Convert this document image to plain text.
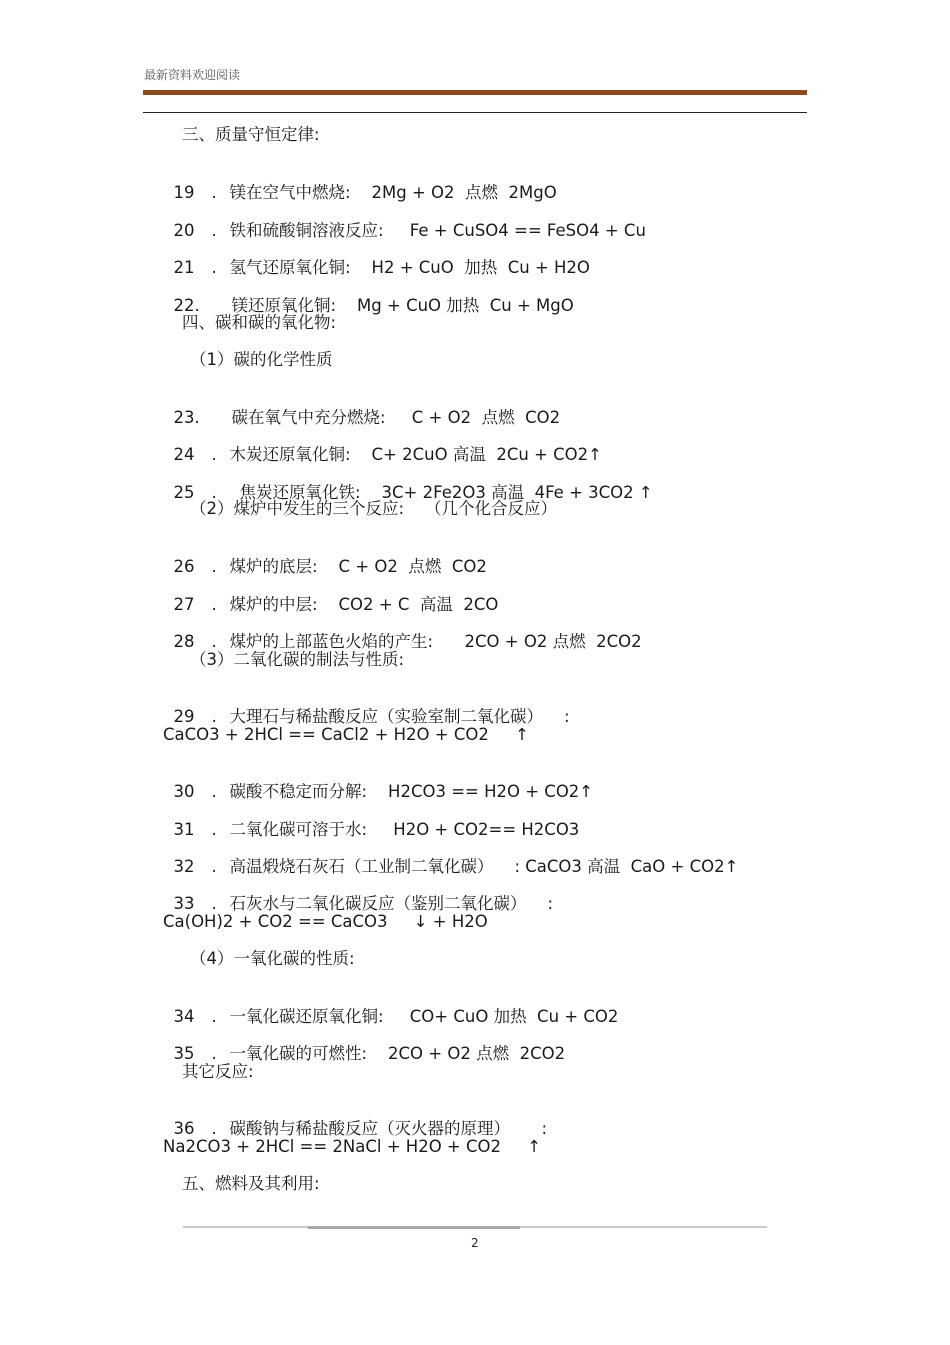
最新资料欢迎阅读
三、质量守恒定律:

19 . 镁在空气中燃烧:    2Mg + O2  点燃  2MgO

20 . 铁和硫酸铜溶液反应:     Fe + CuSO4 == FeSO4 + Cu

21 . 氢气还原氧化铜:    H2 + CuO  加热  Cu + H2O

22. 镁还原氧化铜:    Mg + CuO 加热  Cu + MgO

四、碳和碳的氧化物:
（1）碳的化学性质

23. 碳在氧气中充分燃烧:     C + O2  点燃  CO2

24 . 木炭还原氧化铜:    C+ 2CuO 高温  2Cu + CO2↑

25 . 焦炭还原氧化铁:    3C+ 2Fe2O3 高温  4Fe + 3CO2 ↑

（2）煤炉中发生的三个反应:    （几个化合反应）

26 . 煤炉的底层:    C + O2  点燃  CO2

27 . 煤炉的中层:    CO2 + C  高温  2CO

28 . 煤炉的上部蓝色火焰的产生:      2CO + O2 点燃  2CO2

（3）二氧化碳的制法与性质:

29 . 大理石与稀盐酸反应（实验室制二氧化碳）    :

CaCO3 + 2HCl == CaCl2 + H2O + CO2     ↑

30 . 碳酸不稳定而分解:    H2CO3 == H2O + CO2↑

31 . 二氧化碳可溶于水:     H2O + CO2== H2CO3

32 . 高温煅烧石灰石（工业制二氧化碳）    : CaCO3 高温  CaO + CO2↑

33 . 石灰水与二氧化碳反应（鉴别二氧化碳）    :

Ca(OH)2 + CO2 == CaCO3     ↓ + H2O
（4）一氧化碳的性质:

34 . 一氧化碳还原氧化铜:     CO+ CuO 加热  Cu + CO2

35 . 一氧化碳的可燃性:    2CO + O2 点燃  2CO2

其它反应:

36 . 碳酸钠与稀盐酸反应（灭火器的原理）      :

Na2CO3 + 2HCl == 2NaCl + H2O + CO2     ↑
五、燃料及其利用:
2
